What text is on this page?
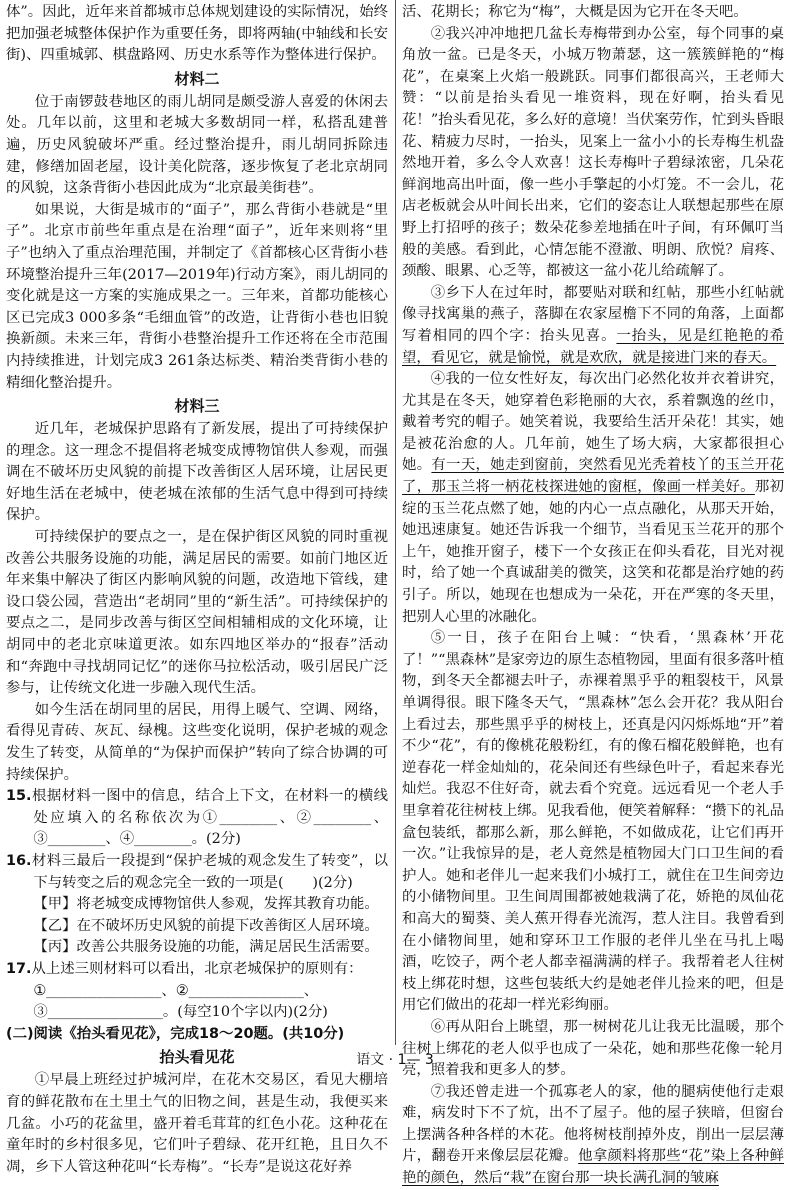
体”。因此，近年来首都城市总体规划建设的实际情况，始终把加强老城整体保护作为重要任务，即将两轴(中轴线和长安街)、四重城郭、棋盘路网、历史水系等作为整体进行保护。

材料二

位于南锣鼓巷地区的雨儿胡同是颇受游人喜爱的休闲去处。几年以前，这里和老城大多数胡同一样，私搭乱建普遍，历史风貌破坏严重。经过整治提升，雨儿胡同拆除违建，修缮加固老屋，设计美化院落，逐步恢复了老北京胡同的风貌，这条背街小巷因此成为“北京最美街巷”。

如果说，大街是城市的“面子”，那么背街小巷就是“里子”。北京市前些年重点是在治理“面子”，近年来则将“里子”也纳入了重点治理范围，并制定了《首都核心区背街小巷环境整治提升三年(2017—2019年)行动方案》，雨儿胡同的变化就是这一方案的实施成果之一。三年来，首都功能核心区已完成3 000多条“毛细血管”的改造，让背街小巷也旧貌换新颜。未来三年，背街小巷整治提升工作还将在全市范围内持续推进，计划完成3 261条达标类、精治类背街小巷的精细化整治提升。

材料三

近几年，老城保护思路有了新发展，提出了可持续保护的理念。这一理念不提倡将老城变成博物馆供人参观，而强调在不破坏历史风貌的前提下改善街区人居环境，让居民更好地生活在老城中，使老城在浓郁的生活气息中得到可持续保护。

可持续保护的要点之一，是在保护街区风貌的同时重视改善公共服务设施的功能，满足居民的需要。如前门地区近年来集中解决了街区内影响风貌的问题，改造地下管线，建设口袋公园，营造出“老胡同”里的“新生活”。可持续保护的要点之二，是同步改善与街区空间相辅相成的文化环境，让胡同中的老北京味道更浓。如东四地区举办的“报春”活动和“奔跑中寻找胡同记忆”的迷你马拉松活动，吸引居民广泛参与，让传统文化进一步融入现代生活。

如今生活在胡同里的居民，用得上暖气、空调、网络，看得见青砖、灰瓦、绿槐。这些变化说明，保护老城的观念发生了转变，从简单的“为保护而保护”转向了综合协调的可持续保护。

15.根据材料一图中的信息，结合上下文，在材料一的横线处应填入的名称依次为①________、②________、③________、④________。(2分)

16.材料三最后一段提到“保护老城的观念发生了转变”，以下与转变之后的观念完全一致的一项是(　　)(2分)

【甲】将老城变成博物馆供人参观，发挥其教育功能。

【乙】在不破坏历史风貌的前提下改善街区人居环境。

【丙】改善公共服务设施的功能，满足居民生活需要。

17.从上述三则材料可以看出，北京老城保护的原则有：

①________________、②________________、

③________________。(每空10个字以内)(2分)

(二)阅读《抬头看见花》，完成18～20题。(共10分)

抬头看见花

①早晨上班经过护城河岸，在花木交易区，看见大棚培育的鲜花散布在土里土气的旧物之间，甚是生动，我便买来几盆。小巧的花盆里，盛开着毛茸茸的红色小花。这种花在童年时的乡村很多见，它们叶子碧绿、花开红艳，且日久不凋，乡下人管这种花叫“长寿梅”。“长寿”是说这花好养

活、花期长；称它为“梅”，大概是因为它开在冬天吧。

②我兴冲冲地把几盆长寿梅带到办公室，每个同事的桌角放一盆。已是冬天，小城万物萧瑟，这一簇簇鲜艳的“梅花”，在桌案上火焰一般跳跃。同事们都很高兴，王老师大赞：“以前是抬头看见一堆资料，现在好啊，抬头看见花！”抬头看见花，多么好的意境！当伏案劳作，忙到头昏眼花、精疲力尽时，一抬头，见案上一盆小小的长寿梅生机盎然地开着，多么令人欢喜！这长寿梅叶子碧绿浓密，几朵花鲜润地高出叶面，像一些小手擎起的小灯笼。不一会儿，花店老板就会从叶间长出来，它们的姿态让人联想起那些在原野上打招呼的孩子；数朵花参差地插在叶子间，有环佩叮当般的美感。看到此，心情怎能不澄澈、明朗、欣悦？肩疼、颈酸、眼累、心乏等，都被这一盆小花儿给疏解了。

③乡下人在过年时，都要贴对联和红帖，那些小红帖就像寻找寓巢的燕子，落脚在农家屋檐下不同的角落，上面都写着相同的四个字：抬头见喜。一抬头，见是红艳艳的希望，看见它，就是愉悦，就是欢欣，就是接进门来的春天。

④我的一位女性好友，每次出门必然化妆并衣着讲究，尤其是在冬天，她穿着色彩艳丽的大衣，系着飘逸的丝巾，戴着考究的帽子。她笑着说，我要给生活开朵花！其实，她是被花治愈的人。几年前，她生了场大病，大家都很担心她。有一天，她走到窗前，突然看见光秃着枝丫的玉兰开花了，那玉兰将一柄花枝探进她的窗框，像画一样美好。那初绽的玉兰花点燃了她，她的内心一点点融化，从那天开始，她迅速康复。她还告诉我一个细节，当看见玉兰花开的那个上午，她推开窗子，楼下一个女孩正在仰头看花，目光对视时，给了她一个真诚甜美的微笑，这笑和花都是治疗她的药引子。所以，她现在也想成为一朵花，开在严寒的冬天里，把别人心里的冰融化。

⑤一日，孩子在阳台上喊：“快看，‘黑森林’开花了！”“黑森林”是家旁边的原生态植物园，里面有很多落叶植物，到冬天全都褪去叶子，赤裸着黑乎乎的粗裂枝干，风景单调得很。眼下隆冬天气，“黑森林”怎么会开花？我从阳台上看过去，那些黑乎乎的树枝上，还真是闪闪烁烁地“开”着不少“花”，有的像桃花般粉红，有的像石榴花般鲜艳，也有逆春花一样金灿灿的，花朵间还有些绿色叶子，看起来春光灿烂。我忍不住好奇，就去看个究竟。远远看见一个老人手里拿着花往树枝上绑。见我看他，便笑着解释：“攒下的礼品盒包装纸，都那么新，那么鲜艳，不如做成花，让它们再开一次。”让我惊异的是，老人竟然是植物园大门口卫生间的看护人。她和老伴儿一起来我们小城打工，就住在卫生间旁边的小储物间里。卫生间周围都被她栽满了花，娇艳的凤仙花和高大的蜀葵、美人蕉开得春光流泻，惹人注目。我曾看到在小储物间里，她和穿环卫工作服的老伴儿坐在马扎上喝酒，吃饺子，两个老人都幸福满满的样子。我帮着老人往树枝上绑花时想，这些包装纸大约是她老伴儿捡来的吧，但是用它们做出的花却一样光彩绚丽。

⑥再从阳台上眺望，那一树树花儿让我无比温暖，那个往树上绑花的老人似乎也成了一朵花，她和那些花像一轮月亮，照着我和更多人的梦。

⑦我还曾走进一个孤寡老人的家，他的腿病使他行走艰难，病发时下不了炕，出不了屋子。他的屋子狭暗，但窗台上摆满各种各样的木花。他将树枝削掉外皮，削出一层层薄片，翻卷开来像层层花瓣。他拿颜料将那些“花”染上各种鲜艳的颜色，然后“栽”在窗台那一块长满孔洞的皱麻

语文 · 1— 3
